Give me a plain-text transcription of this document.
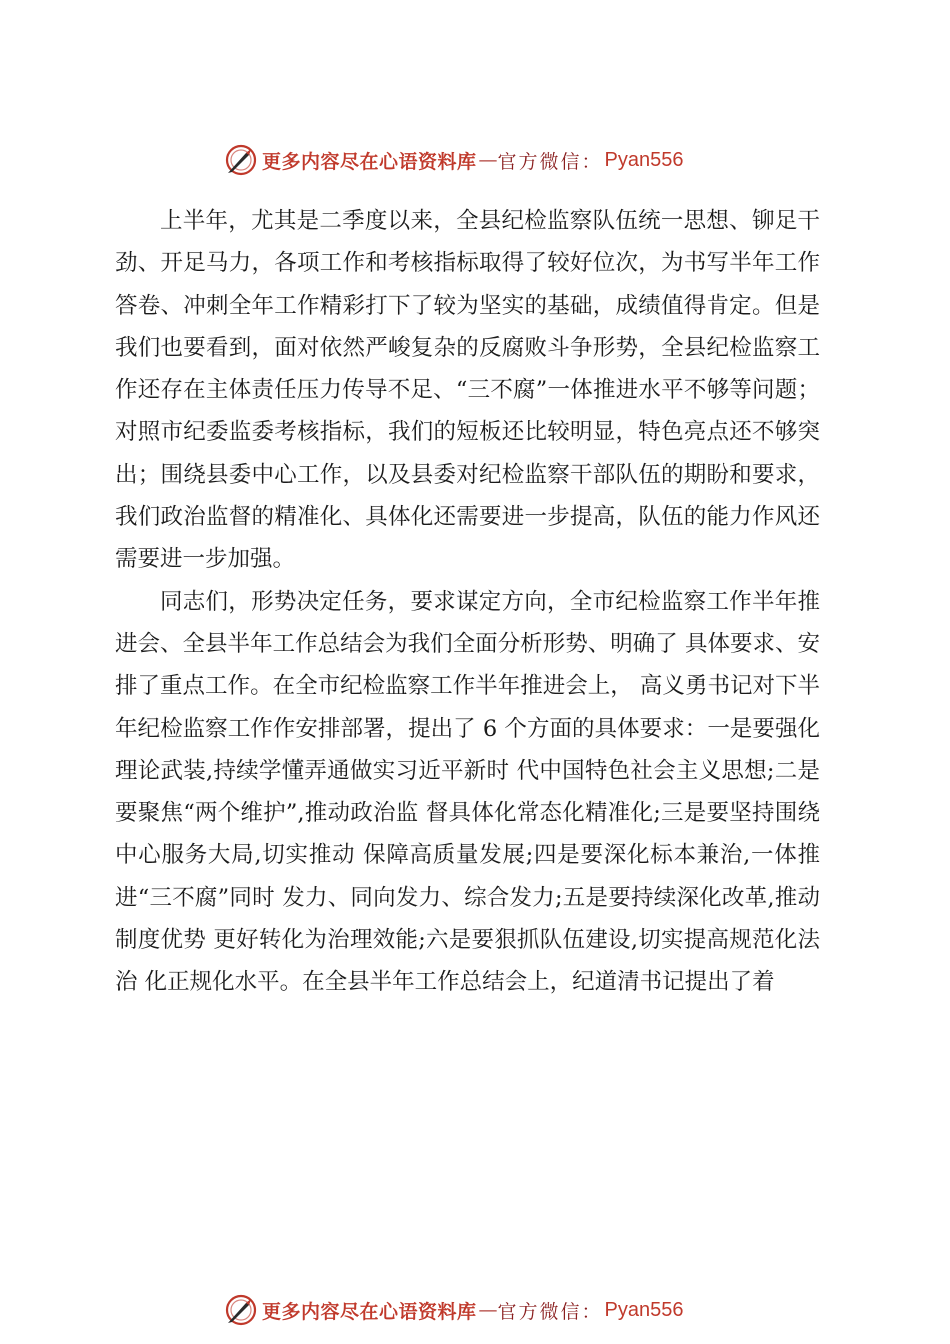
更多内容尽在心语资料库 — 官方微信： Pyan556

上半年，尤其是二季度以来，全县纪检监察队伍统一思想、铆足干劲、开足马力，各项工作和考核指标取得了较好位次，为书写半年工作答卷、冲刺全年工作精彩打下了较为坚实的基础，成绩值得肯定。但是我们也要看到，面对依然严峻复杂的反腐败斗争形势，全县纪检监察工作还存在主体责任压力传导不足、“三不腐”一体推进水平不够等问题；对照市纪委监委考核指标，我们的短板还比较明显，特色亮点还不够突出；围绕县委中心工作，以及县委对纪检监察干部队伍的期盼和要求，我们政治监督的精准化、具体化还需要进一步提高，队伍的能力作风还需要进一步加强。

同志们，形势决定任务，要求谋定方向，全市纪检监察工作半年推进会、全县半年工作总结会为我们全面分析形势、明确了 具体要求、安排了重点工作。在全市纪检监察工作半年推进会上， 高义勇书记对下半年纪检监察工作作安排部署，提出了 6 个方面的具体要求：一是要强化理论武装,持续学懂弄通做实习近平新时 代中国特色社会主义思想;二是要聚焦“两个维护”,推动政治监 督具体化常态化精准化;三是要坚持围绕中心服务大局,切实推动 保障高质量发展;四是要深化标本兼治,一体推进“三不腐”同时 发力、同向发力、综合发力;五是要持续深化改革,推动制度优势 更好转化为治理效能;六是要狠抓队伍建设,切实提高规范化法治 化正规化水平。在全县半年工作总结会上，纪道清书记提出了着

更多内容尽在心语资料库 — 官方微信： Pyan556
